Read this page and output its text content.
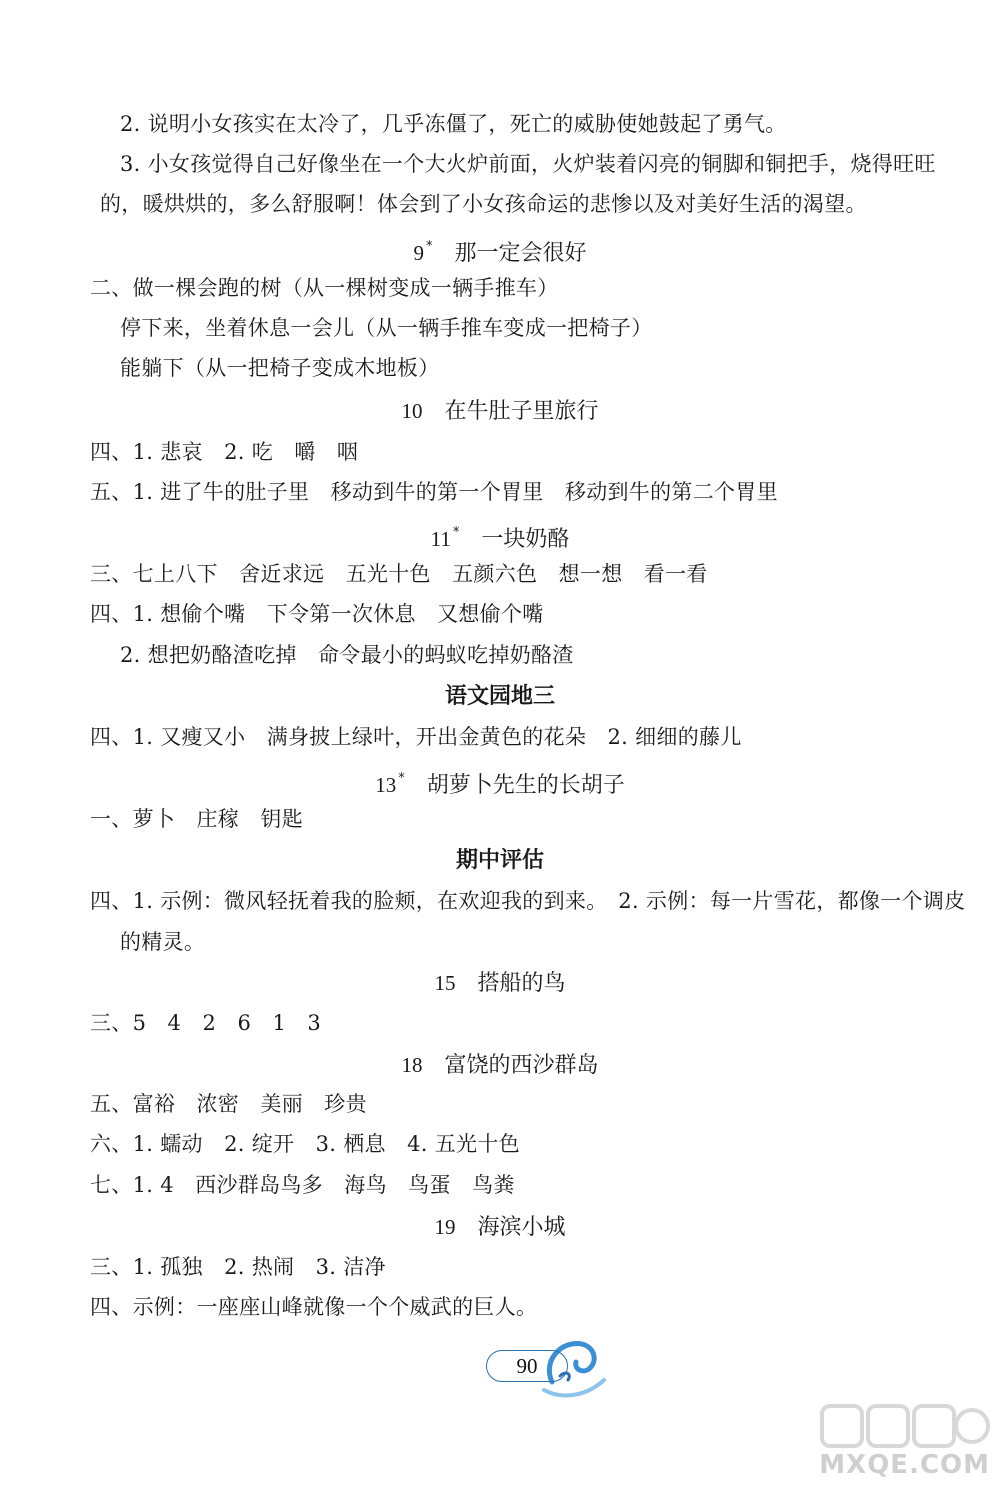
2. 说明小女孩实在太冷了，几乎冻僵了，死亡的威胁使她鼓起了勇气。
3. 小女孩觉得自己好像坐在一个大火炉前面，火炉装着闪亮的铜脚和铜把手，烧得旺旺
的，暖烘烘的，多么舒服啊！体会到了小女孩命运的悲惨以及对美好生活的渴望。
9 * 那一定会很好
二、做一棵会跑的树（从一棵树变成一辆手推车）
停下来，坐着休息一会儿（从一辆手推车变成一把椅子）
能躺下（从一把椅子变成木地板）
10 在牛肚子里旅行
四、1. 悲哀　2. 吃　嚼　咽
五、1. 进了牛的肚子里　移动到牛的第一个胃里　移动到牛的第二个胃里
11 * 一块奶酪
三、七上八下　舍近求远　五光十色　五颜六色　想一想　看一看
四、1. 想偷个嘴　下令第一次休息　又想偷个嘴
2. 想把奶酪渣吃掉　命令最小的蚂蚁吃掉奶酪渣
语文园地三
四、1. 又瘦又小　满身披上绿叶，开出金黄色的花朵　2. 细细的藤儿
13 * 胡萝卜先生的长胡子
一、萝卜　庄稼　钥匙
期中评估
四、1. 示例：微风轻抚着我的脸颊，在欢迎我的到来。　2. 示例：每一片雪花，都像一个调皮
的精灵。
15 搭船的鸟
三、5　4　2　6　1　3
18 富饶的西沙群岛
五、富裕　浓密　美丽　珍贵
六、1. 蠕动　2. 绽开　3. 栖息　4. 五光十色
七、1. 4　西沙群岛鸟多　海鸟　鸟蛋　鸟粪
19 海滨小城
三、1. 孤独　2. 热闹　3. 洁净
四、示例：一座座山峰就像一个个威武的巨人。
90
MXQE.COM
